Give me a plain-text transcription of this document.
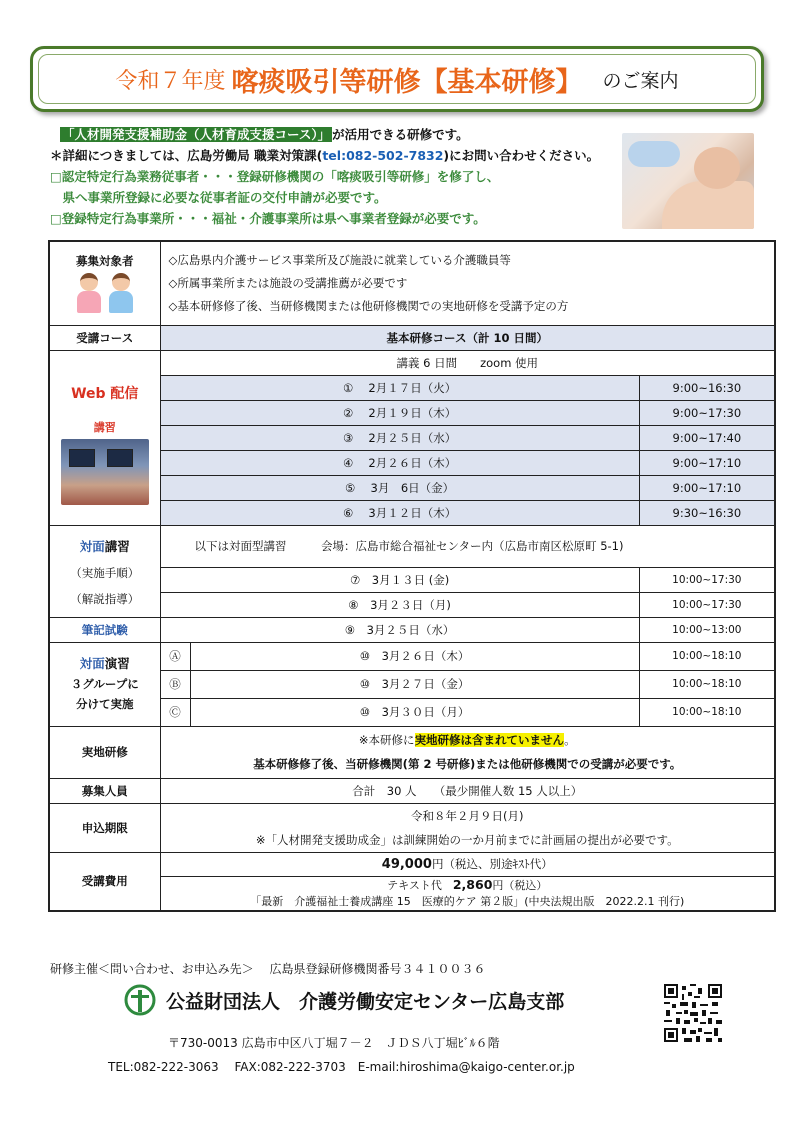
令和７年度 喀痰吸引等研修【基本研修】 のご案内
「人材開発支援補助金（人材育成支援コース）」 が活用できる研修です。
＊詳細につきましては、広島労働局 職業対策課(tel:082-502-7832)にお問い合わせください。
□認定特定行為業務従事者・・・登録研修機関の「喀痰吸引等研修」を修了し、
　県へ事業所登録に必要な従事者証の交付申請が必要です。
□登録特定行為事業所・・・福祉・介護事業所は県へ事業者登録が必要です。
募集対象者	◇広島県内介護サービス事業所及び施設に就業している介護職員等
◇所属事業所または施設の受講推薦が必要です
◇基本研修修了後、当研修機関または他研修機関での実地研修を受講予定の方		

受講コース	基本研修コース（計 10 日間）		

Web 配信
講習	講義 6 日間　　zoom 使用		
	①　 2月１７日（火）		9:00~16:30
	②　 2月１９日（木）		9:00~17:30
	③　 2月２５日（水）		9:00~17:40
	④　 2月２６日（木）		9:00~17:10
	⑤　 3月　6日（金）		9:00~17:10
	⑥　 3月１２日（木）		9:30~16:30

対面講習
（実施手順）
（解説指導）	以下は対面型講習　　　会場：広島市総合福祉センター内（広島市南区松原町 5-1)		
	⑦　3月１３日 (金)		10:00~17:30
	⑧　3月２３日（月)		10:00~17:30
筆記試験	⑨　3月２５日（水）		10:00~13:00

対面演習
３グループに
分けて実施	Ⓐ	⑩　3月２６日（木）	10:00~18:10
	Ⓑ	⑩　3月２７日（金）	10:00~18:10
	Ⓒ	⑩　3月３０日（月）	10:00~18:10
実地研修	※本研修に実地研修は含まれていません。
基本研修修了後、当研修機関(第 2 号研修)または他研修機関での受講が必要です。		

募集人員	合計　30 人　　（最少開催人数 15 人以上）		
申込期限	令和８年２月９日(月)
※「人材開発支援助成金」は訓練開始の一か月前までに計画届の提出が必要です。		

受講費用	49,000円（税込、別途ｷｽﾄ代）		

	テキスト代　 2,860円（税込）
「最新　介護福祉士養成講座 15　医療的ケア 第２版」(中央法規出版　2022.2.1 刊行)		
研修主催＜問い合わせ、お申込み先＞　 広島県登録研修機関番号３４１００３６
公益財団法人　介護労働安定センター広島支部
〒730-0013 広島市中区八丁堀７－２　ＪＤＳ八丁堀ﾋﾞﾙ６階
TEL:082-222-3063　 FAX:082-222-3703　E-mail:hiroshima@kaigo-center.or.jp
